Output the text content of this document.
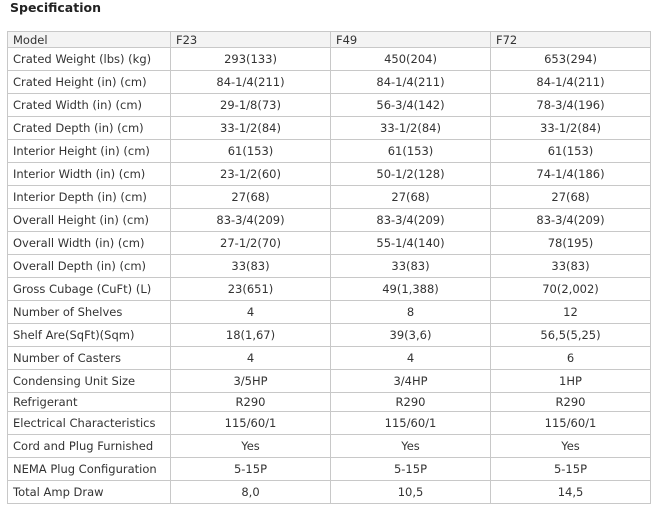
Specification
Model	F23	F49	F72
Crated Weight (lbs) (kg)	293(133)	450(204)	653(294)
Crated Height (in) (cm)	84-1/4(211)	84-1/4(211)	84-1/4(211)
Crated Width (in) (cm)	29-1/8(73)	56-3/4(142)	78-3/4(196)
Crated Depth (in) (cm)	33-1/2(84)	33-1/2(84)	33-1/2(84)
Interior Height (in) (cm)	61(153)	61(153)	61(153)
Interior Width (in) (cm)	23-1/2(60)	50-1/2(128)	74-1/4(186)
Interior Depth (in) (cm)	27(68)	27(68)	27(68)
Overall Height (in) (cm)	83-3/4(209)	83-3/4(209)	83-3/4(209)
Overall Width (in) (cm)	27-1/2(70)	55-1/4(140)	78(195)
Overall Depth (in) (cm)	33(83)	33(83)	33(83)
Gross Cubage (CuFt) (L)	23(651)	49(1,388)	70(2,002)
Number of Shelves	4	8	12
Shelf Are(SqFt)(Sqm)	18(1,67)	39(3,6)	56,5(5,25)
Number of Casters	4	4	6
Condensing Unit Size	3/5HP	3/4HP	1HP
Refrigerant	R290	R290	R290
Electrical Characteristics	115/60/1	115/60/1	115/60/1
Cord and Plug Furnished	Yes	Yes	Yes
NEMA Plug Configuration	5-15P	5-15P	5-15P
Total Amp Draw	8,0	10,5	14,5
